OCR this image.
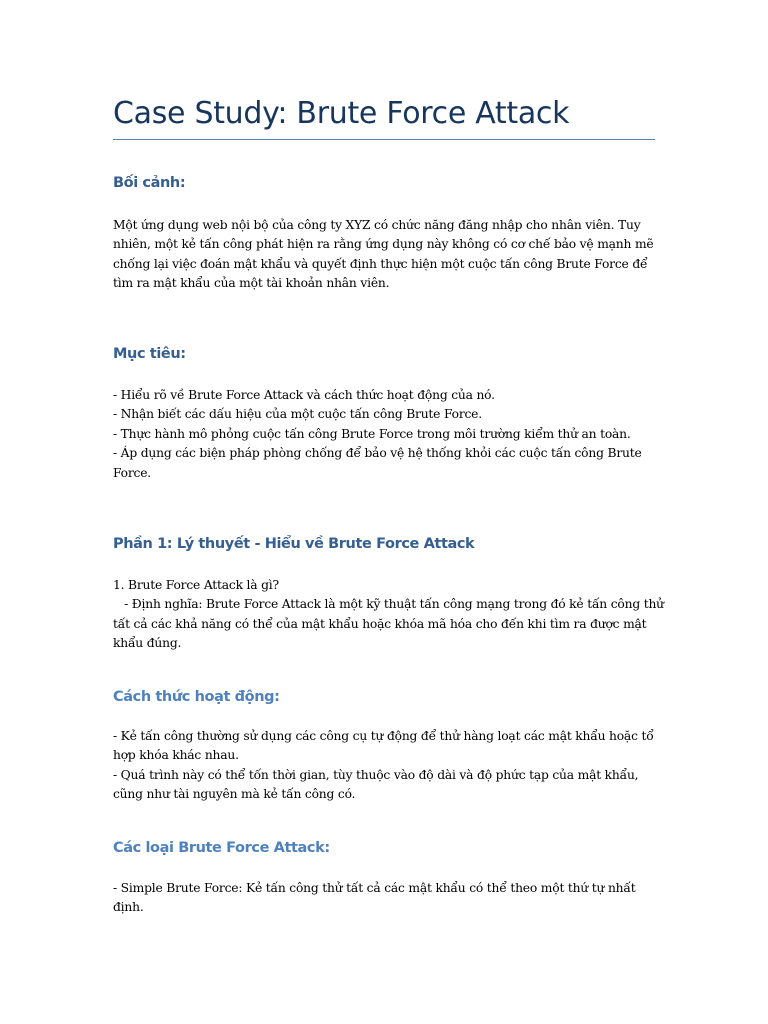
Case Study: Brute Force Attack
Bối cảnh:
Một ứng dụng web nội bộ của công ty XYZ có chức năng đăng nhập cho nhân viên. Tuy
nhiên, một kẻ tấn công phát hiện ra rằng ứng dụng này không có cơ chế bảo vệ mạnh mẽ
chống lại việc đoán mật khẩu và quyết định thực hiện một cuộc tấn công Brute Force để
tìm ra mật khẩu của một tài khoản nhân viên.
Mục tiêu:
- Hiểu rõ về Brute Force Attack và cách thức hoạt động của nó.
- Nhận biết các dấu hiệu của một cuộc tấn công Brute Force.
- Thực hành mô phỏng cuộc tấn công Brute Force trong môi trường kiểm thử an toàn.
- Áp dụng các biện pháp phòng chống để bảo vệ hệ thống khỏi các cuộc tấn công Brute
Force.
Phần 1: Lý thuyết - Hiểu về Brute Force Attack
1. Brute Force Attack là gì?
- Định nghĩa: Brute Force Attack là một kỹ thuật tấn công mạng trong đó kẻ tấn công thử
tất cả các khả năng có thể của mật khẩu hoặc khóa mã hóa cho đến khi tìm ra được mật
khẩu đúng.
Cách thức hoạt động:
- Kẻ tấn công thường sử dụng các công cụ tự động để thử hàng loạt các mật khẩu hoặc tổ
hợp khóa khác nhau.
- Quá trình này có thể tốn thời gian, tùy thuộc vào độ dài và độ phức tạp của mật khẩu,
cũng như tài nguyên mà kẻ tấn công có.
Các loại Brute Force Attack:
- Simple Brute Force: Kẻ tấn công thử tất cả các mật khẩu có thể theo một thứ tự nhất
định.
